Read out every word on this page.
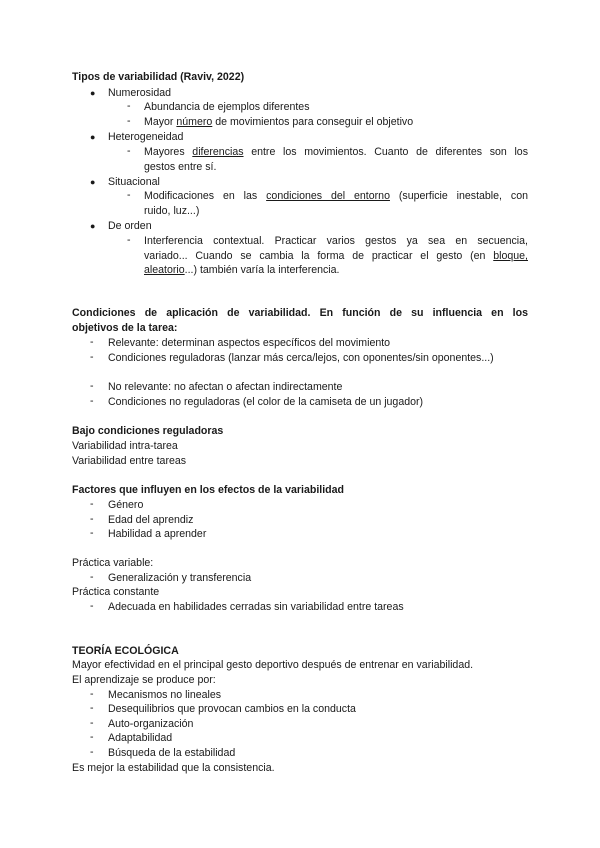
Tipos de variabilidad (Raviv, 2022)
● Numerosidad
- Abundancia de ejemplos diferentes
- Mayor número de movimientos para conseguir el objetivo
● Heterogeneidad
- Mayores diferencias entre los movimientos. Cuanto de diferentes son los
gestos entre sí.
● Situacional
- Modificaciones en las condiciones del entorno (superficie inestable, con
ruido, luz...)
● De orden
- Interferencia contextual. Practicar varios gestos ya sea en secuencia,
variado... Cuando se cambia la forma de practicar el gesto (en bloque,
aleatorio...) también varía la interferencia.
Condiciones de aplicación de variabilidad. En función de su influencia en los
objetivos de la tarea:
- Relevante: determinan aspectos específicos del movimiento
- Condiciones reguladoras (lanzar más cerca/lejos, con oponentes/sin oponentes...)
- No relevante: no afectan o afectan indirectamente
- Condiciones no reguladoras (el color de la camiseta de un jugador)
Bajo condiciones reguladoras
Variabilidad intra-tarea
Variabilidad entre tareas
Factores que influyen en los efectos de la variabilidad
- Género
- Edad del aprendiz
- Habilidad a aprender
Práctica variable:
- Generalización y transferencia
Práctica constante
- Adecuada en habilidades cerradas sin variabilidad entre tareas
TEORÍA ECOLÓGICA
Mayor efectividad en el principal gesto deportivo después de entrenar en variabilidad.
El aprendizaje se produce por:
- Mecanismos no lineales
- Desequilibrios que provocan cambios en la conducta
- Auto-organización
- Adaptabilidad
- Búsqueda de la estabilidad
Es mejor la estabilidad que la consistencia.
